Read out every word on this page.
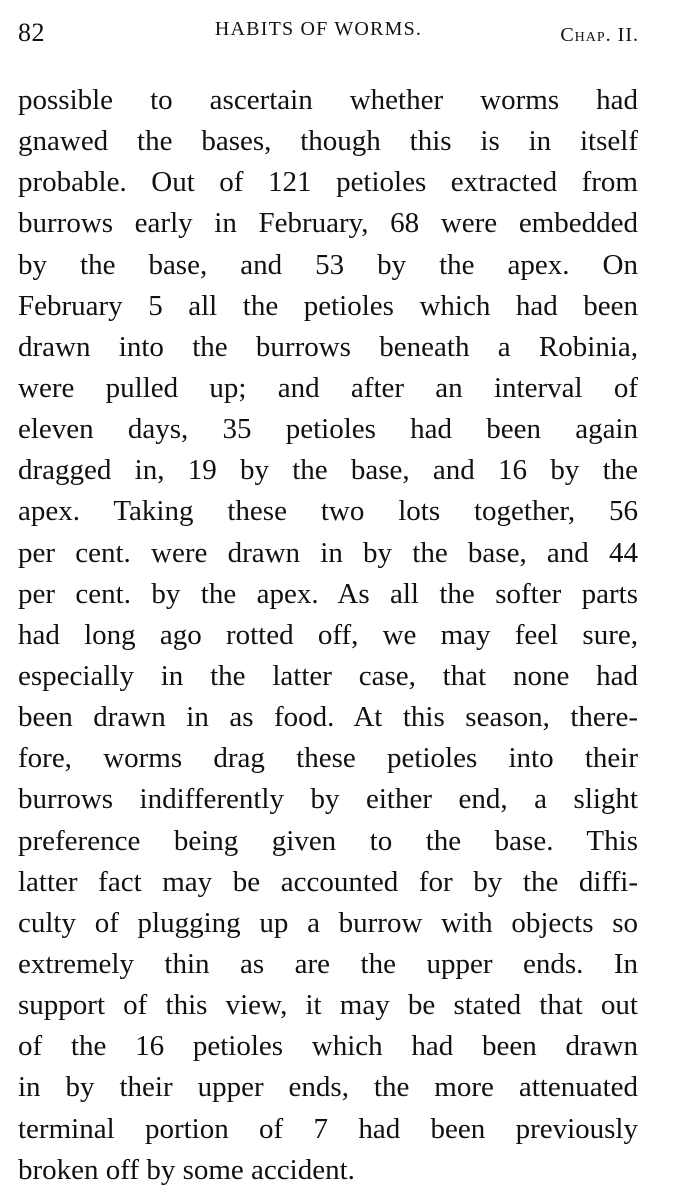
82	HABITS OF WORMS.	Chap. II.
possible to ascertain whether worms had
gnawed the bases, though this is in itself
probable. Out of 121 petioles extracted from
burrows early in February, 68 were embedded
by the base, and 53 by the apex. On
February 5 all the petioles which had been
drawn into the burrows beneath a Robinia,
were pulled up; and after an interval of
eleven days, 35 petioles had been again
dragged in, 19 by the base, and 16 by the
apex. Taking these two lots together, 56
per cent. were drawn in by the base, and 44
per cent. by the apex. As all the softer parts
had long ago rotted off, we may feel sure,
especially in the latter case, that none had
been drawn in as food. At this season, there-
fore, worms drag these petioles into their
burrows indifferently by either end, a slight
preference being given to the base. This
latter fact may be accounted for by the diffi-
culty of plugging up a burrow with objects so
extremely thin as are the upper ends. In
support of this view, it may be stated that out
of the 16 petioles which had been drawn
in by their upper ends, the more attenuated
terminal portion of 7 had been previously
broken off by some accident.
